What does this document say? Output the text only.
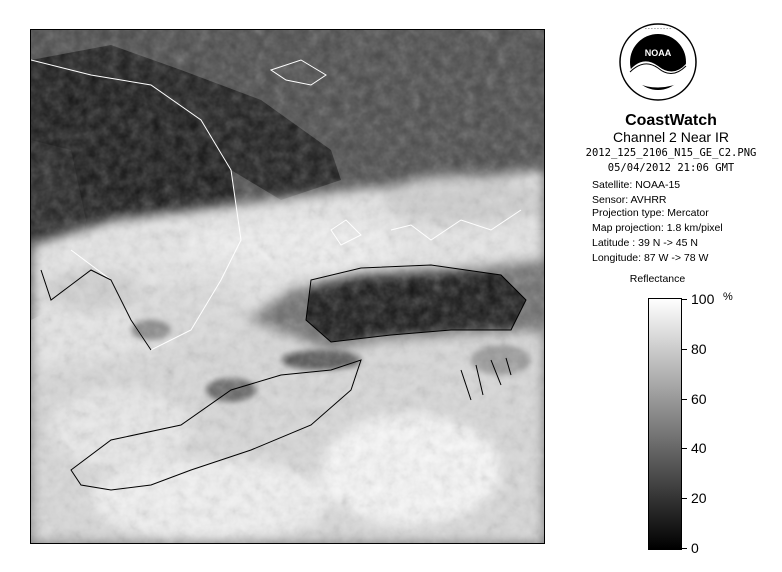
NOAA
- - - - - - - - -
CoastWatch
Channel 2 Near IR
2012_125_2106_N15_GE_C2.PNG
05/04/2012 21:06 GMT
Satellite: NOAA-15
Sensor: AVHRR
Projection type: Mercator
Map projection: 1.8 km/pixel
Latitude : 39 N -> 45 N
Longitude: 87 W -> 78 W
Reflectance
%
100
80
60
40
20
0
